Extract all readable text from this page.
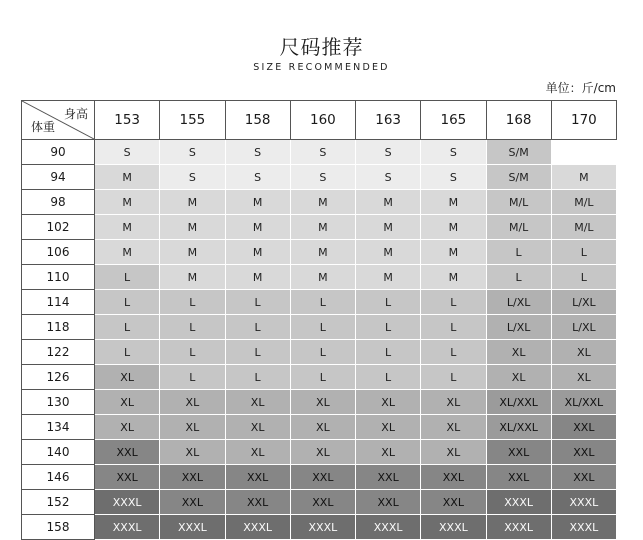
尺码推荐
SIZE RECOMMENDED
单位：斤/cm
身高
体重	153	155	158	160	163	165	168	170
90	S	S	S	S	S	S	S/M	
94	M	S	S	S	S	S	S/M	M
98	M	M	M	M	M	M	M/L	M/L
102	M	M	M	M	M	M	M/L	M/L
106	M	M	M	M	M	M	L	L
110	L	M	M	M	M	M	L	L
114	L	L	L	L	L	L	L/XL	L/XL
118	L	L	L	L	L	L	L/XL	L/XL
122	L	L	L	L	L	L	XL	XL
126	XL	L	L	L	L	L	XL	XL
130	XL	XL	XL	XL	XL	XL	XL/XXL	XL/XXL
134	XL	XL	XL	XL	XL	XL	XL/XXL	XXL
140	XXL	XL	XL	XL	XL	XL	XXL	XXL
146	XXL	XXL	XXL	XXL	XXL	XXL	XXL	XXL
152	XXXL	XXL	XXL	XXL	XXL	XXL	XXXL	XXXL
158	XXXL	XXXL	XXXL	XXXL	XXXL	XXXL	XXXL	XXXL
